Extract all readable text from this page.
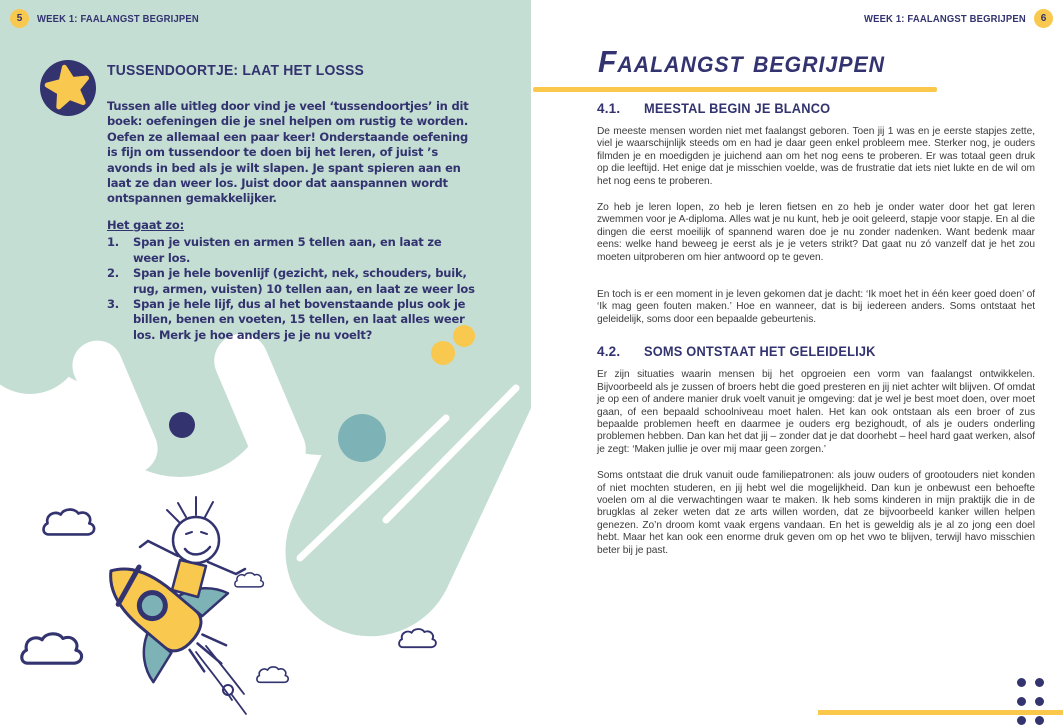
5	WEEK 1: FAALANGST BEGRIJPEN
TUSSENDOORTJE: LAAT HET LOSSS

Tussen alle uitleg door vind je veel ‘tussendoortjes’ in dit boek: oefeningen die je snel helpen om rustig te worden. Oefen ze allemaal een paar keer! Onderstaande oefening is fijn om tussendoor te doen bij het leren, of juist ’s avonds in bed als je wilt slapen. Je spant spieren aan en laat ze dan weer los. Juist door dat aanspannen wordt ontspannen gemakkelijker.

Het gaat zo:
1.	Span je vuisten en armen 5 tellen aan, en laat ze weer los.
2.	Span je hele bovenlijf (gezicht, nek, schouders, buik, rug, armen, vuisten) 10 tellen aan, en laat ze weer los
3.	Span je hele lijf, dus al het bovenstaande plus ook je billen, benen en voeten, 15 tellen, en laat alles weer los. Merk je hoe anders je je nu voelt?
WEEK 1: FAALANGST BEGRIJPEN	6
Faalangst begrijpen
4.1.	MEESTAL BEGIN JE BLANCO

De meeste mensen worden niet met faalangst geboren. Toen jij 1 was en je eerste stapjes zette, viel je waarschijnlijk steeds om en had je daar geen enkel probleem mee. Sterker nog, je ouders filmden je en moedigden je juichend aan om het nog eens te proberen. Er was totaal geen druk op die leeftijd. Het enige dat je misschien voelde, was de frustratie dat iets niet lukte en de wil om het nog eens te proberen.

Zo heb je leren lopen, zo heb je leren fietsen en zo heb je onder water door het gat leren zwemmen voor je A-diploma. Alles wat je nu kunt, heb je ooit geleerd, stapje voor stapje. En al die dingen die eerst moeilijk of spannend waren doe je nu zonder nadenken. Want bedenk maar eens: welke hand beweeg je eerst als je je veters strikt? Dat gaat nu zó vanzelf dat je het zou moeten uitproberen om hier antwoord op te geven.

En toch is er een moment in je leven gekomen dat je dacht: ‘Ik moet het in één keer goed doen’ of ‘Ik mag geen fouten maken.’ Hoe en wanneer, dat is bij iedereen anders. Soms ontstaat het geleidelijk, soms door een bepaalde gebeurtenis.

4.2.	SOMS ONTSTAAT HET GELEIDELIJK

Er zijn situaties waarin mensen bij het opgroeien een vorm van faalangst ontwikkelen. Bijvoorbeeld als je zussen of broers hebt die goed presteren en jij niet achter wilt blijven. Of omdat je op een of andere manier druk voelt vanuit je omgeving: dat je wel je best moet doen, over moet gaan, of een bepaald schoolniveau moet halen. Het kan ook ontstaan als een broer of zus bepaalde problemen heeft en daarmee je ouders erg bezighoudt, of als je ouders onderling problemen hebben. Dan kan het dat jij – zonder dat je dat doorhebt – heel hard gaat werken, alsof je zegt: ‘Maken jullie je over mij maar geen zorgen.’

Soms ontstaat die druk vanuit oude familiepatronen: als jouw ouders of grootouders niet konden of niet mochten studeren, en jij hebt wel die mogelijkheid. Dan kun je onbewust een behoefte voelen om al die verwachtingen waar te maken. Ik heb soms kinderen in mijn praktijk die in de brugklas al zeker weten dat ze arts willen worden, dat ze bijvoorbeeld kanker willen helpen genezen. Zo’n droom komt vaak ergens vandaan. En het is geweldig als je al zo jong een doel hebt. Maar het kan ook een enorme druk geven om op het vwo te blijven, terwijl havo misschien beter bij je past.
